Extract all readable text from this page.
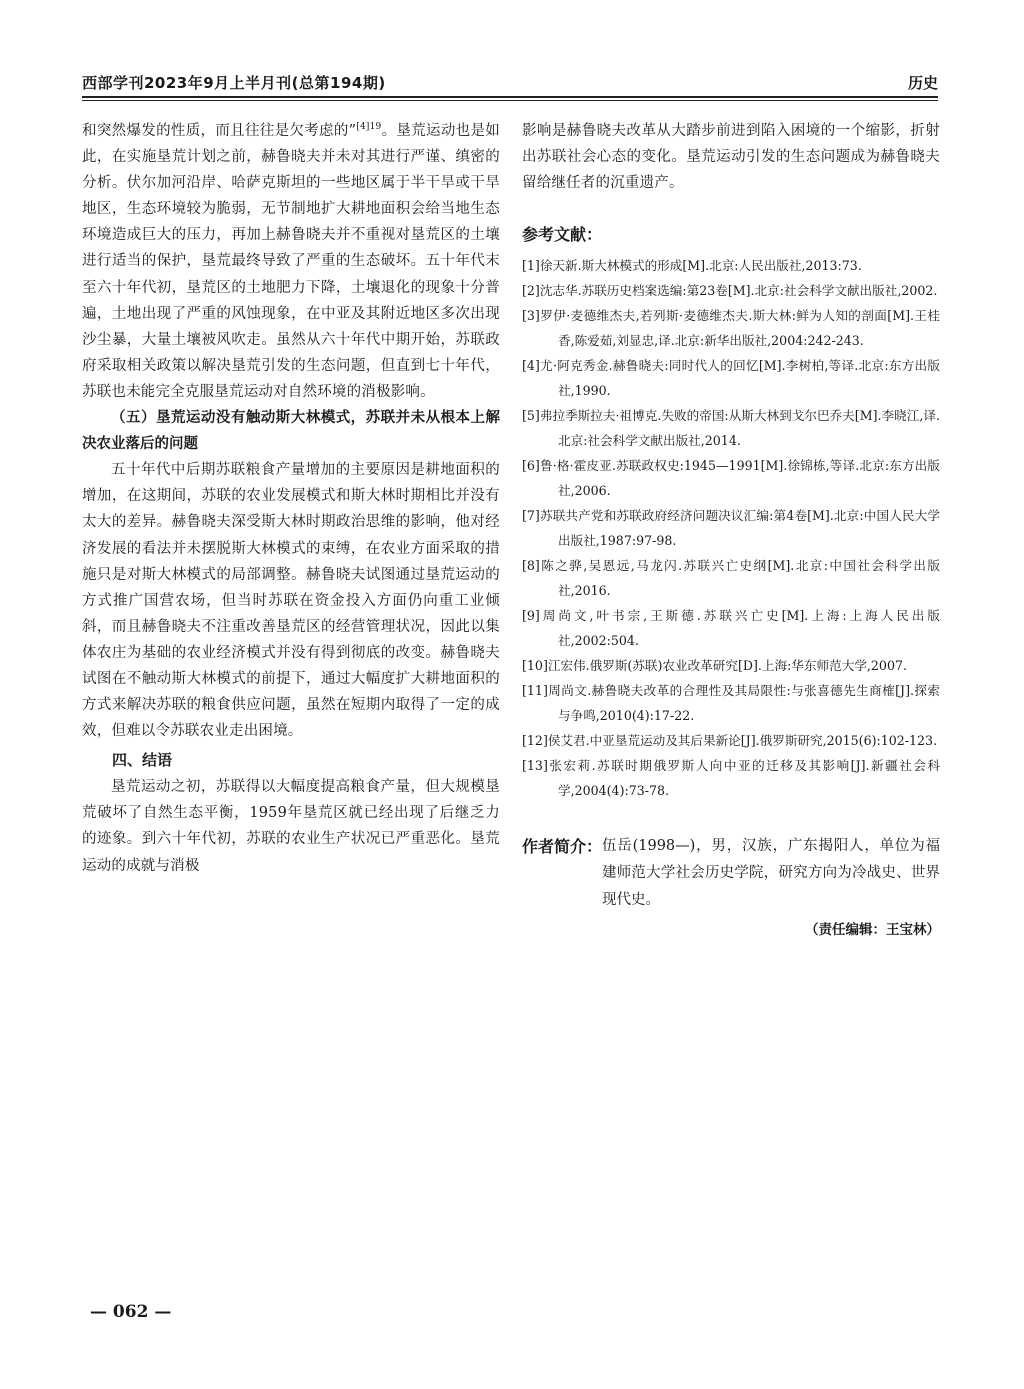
西部学刊2023年9月上半月刊(总第194期)	历史

和突然爆发的性质，而且往往是欠考虑的”$^{[4]19}$。垦荒运动也是如此，在实施垦荒计划之前，赫鲁晓夫并未对其进行严谨、缜密的分析。伏尔加河沿岸、哈萨克斯坦的一些地区属于半干旱或干旱地区，生态环境较为脆弱，无节制地扩大耕地面积会给当地生态环境造成巨大的压力，再加上赫鲁晓夫并不重视对垦荒区的土壤进行适当的保护，垦荒最终导致了严重的生态破坏。五十年代末至六十年代初，垦荒区的土地肥力下降，土壤退化的现象十分普遍，土地出现了严重的风蚀现象，在中亚及其附近地区多次出现沙尘暴，大量土壤被风吹走。虽然从六十年代中期开始，苏联政府采取相关政策以解决垦荒引发的生态问题，但直到七十年代，苏联也未能完全克服垦荒运动对自然环境的消极影响。

（五）垦荒运动没有触动斯大林模式，苏联并未从根本上解决农业落后的问题

五十年代中后期苏联粮食产量增加的主要原因是耕地面积的增加，在这期间，苏联的农业发展模式和斯大林时期相比并没有太大的差异。赫鲁晓夫深受斯大林时期政治思维的影响，他对经济发展的看法并未摆脱斯大林模式的束缚，在农业方面采取的措施只是对斯大林模式的局部调整。赫鲁晓夫试图通过垦荒运动的方式推广国营农场，但当时苏联在资金投入方面仍向重工业倾斜，而且赫鲁晓夫不注重改善垦荒区的经营管理状况，因此以集体农庄为基础的农业经济模式并没有得到彻底的改变。赫鲁晓夫试图在不触动斯大林模式的前提下，通过大幅度扩大耕地面积的方式来解决苏联的粮食供应问题，虽然在短期内取得了一定的成效，但难以令苏联农业走出困境。

四、结语

垦荒运动之初，苏联得以大幅度提高粮食产量，但大规模垦荒破坏了自然生态平衡，1959年垦荒区就已经出现了后继乏力的迹象。到六十年代初，苏联的农业生产状况已严重恶化。垦荒运动的成就与消极

影响是赫鲁晓夫改革从大踏步前进到陷入困境的一个缩影，折射出苏联社会心态的变化。垦荒运动引发的生态问题成为赫鲁晓夫留给继任者的沉重遗产。

参考文献：

[1]徐天新.斯大林模式的形成[M].北京:人民出版社,2013:73.

[2]沈志华.苏联历史档案选编:第23卷[M].北京:社会科学文献出版社,2002.

[3]罗伊·麦德维杰夫,若列斯·麦德维杰夫.斯大林:鲜为人知的剖面[M].王桂香,陈爱茹,刘显忠,译.北京:新华出版社,2004:242-243.

[4]尤·阿克秀金.赫鲁晓夫:同时代人的回忆[M].李树柏,等译.北京:东方出版社,1990.

[5]弗拉季斯拉夫·祖博克.失败的帝国:从斯大林到戈尔巴乔夫[M].李晓江,译.北京:社会科学文献出版社,2014.

[6]鲁·格·霍皮亚.苏联政权史:1945—1991[M].徐锦栋,等译.北京:东方出版社,2006.

[7]苏联共产党和苏联政府经济问题决议汇编:第4卷[M].北京:中国人民大学出版社,1987:97-98.

[8]陈之骅,吴恩远,马龙闪.苏联兴亡史纲[M].北京:中国社会科学出版社,2016.

[9]周尚文,叶书宗,王斯德.苏联兴亡史[M].上海:上海人民出版社,2002:504.

[10]江宏伟.俄罗斯(苏联)农业改革研究[D].上海:华东师范大学,2007.

[11]周尚文.赫鲁晓夫改革的合理性及其局限性:与张喜德先生商榷[J].探索与争鸣,2010(4):17-22.

[12]侯艾君.中亚垦荒运动及其后果新论[J].俄罗斯研究,2015(6):102-123.

[13]张宏莉.苏联时期俄罗斯人向中亚的迁移及其影响[J].新疆社会科学,2004(4):73-78.

作者简介： 伍岳(1998—)，男，汉族，广东揭阳人，单位为福建师范大学社会历史学院，研究方向为冷战史、世界现代史。
（责任编辑：王宝林）
— 062 —
